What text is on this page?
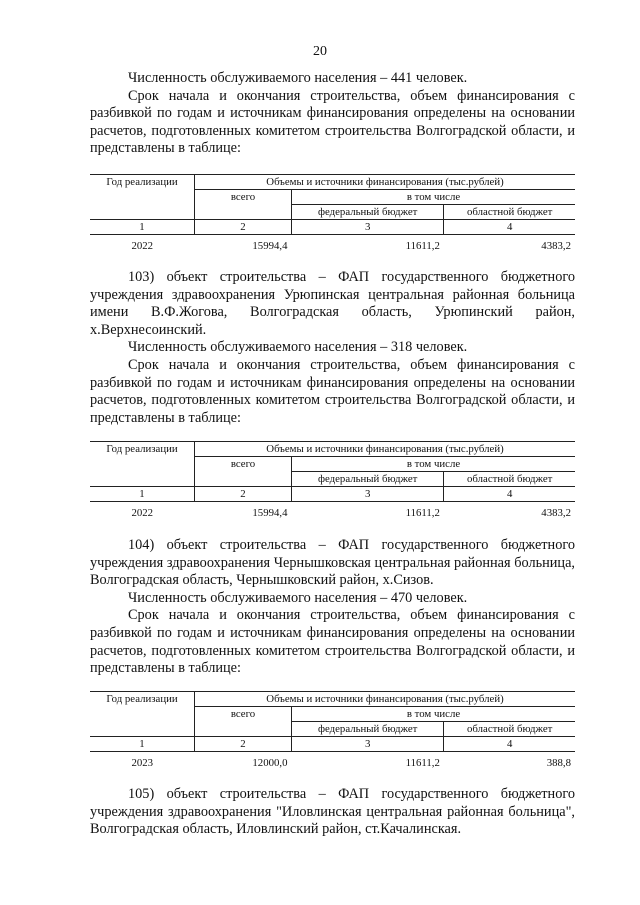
20

Численность обслуживаемого населения – 441 человек.

Срок начала и окончания строительства, объем финансирования с разбивкой по годам и источникам финансирования определены на основании расчетов, подготовленных комитетом строительства Волгоградской области, и представлены в таблице:

Год реализации	Объемы и источники финансирования (тыс.рублей)		
	всего	в том числе	
		федеральный бюджет	областной бюджет
1	2	3	4
2022	15994,4	11611,2	4383,2

103) объект строительства – ФАП государственного бюджетного учреждения здравоохранения Урюпинская центральная районная больница имени В.Ф.Жогова, Волгоградская область, Урюпинский район, х.Верхнесоинский.

Численность обслуживаемого населения – 318 человек.

Срок начала и окончания строительства, объем финансирования с разбивкой по годам и источникам финансирования определены на основании расчетов, подготовленных комитетом строительства Волгоградской области, и представлены в таблице:

Год реализации	Объемы и источники финансирования (тыс.рублей)		
	всего	в том числе	
		федеральный бюджет	областной бюджет
1	2	3	4
2022	15994,4	11611,2	4383,2

104) объект строительства – ФАП государственного бюджетного учреждения здравоохранения Чернышковская центральная районная больница, Волгоградская область, Чернышковский район, х.Сизов.

Численность обслуживаемого населения – 470 человек.

Срок начала и окончания строительства, объем финансирования с разбивкой по годам и источникам финансирования определены на основании расчетов, подготовленных комитетом строительства Волгоградской области, и представлены в таблице:

Год реализации	Объемы и источники финансирования (тыс.рублей)		
	всего	в том числе	
		федеральный бюджет	областной бюджет
1	2	3	4
2023	12000,0	11611,2	388,8

105) объект строительства – ФАП государственного бюджетного учреждения здравоохранения "Иловлинская центральная районная больница", Волгоградская область, Иловлинский район, ст.Качалинская.
